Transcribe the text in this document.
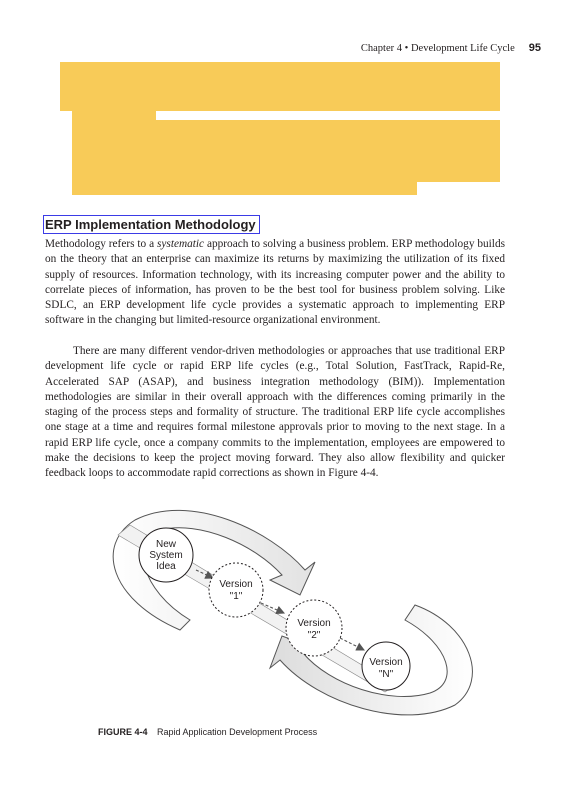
Chapter 4 • Development Life Cycle 95
ERP Implementation Methodology

Methodology refers to a systematic approach to solving a business problem. ERP methodology builds on the theory that an enterprise can maximize its returns by maximizing the utilization of its fixed supply of resources. Information technology, with its increasing computer power and the ability to correlate pieces of information, has proven to be the best tool for business problem solving. Like SDLC, an ERP development life cycle provides a systematic approach to implementing ERP software in the changing but limited-resource organizational environment.

There are many different vendor-driven methodologies or approaches that use traditional ERP development life cycle or rapid ERP life cycles (e.g., Total Solution, FastTrack, Rapid-Re, Accelerated SAP (ASAP), and business integration methodology (BIM)). Implementation methodologies are similar in their overall approach with the differences coming primarily in the staging of the process steps and formality of structure. The traditional ERP life cycle accomplishes one stage at a time and requires formal milestone approvals prior to moving to the next stage. In a rapid ERP life cycle, once a company commits to the implementation, employees are empowered to make the decisions to keep the project moving forward. They also allow flexibility and quicker feedback loops to accommodate rapid corrections as shown in Figure 4-4.

New
System
Idea
Version
"1"
Version
"2"
Version
"N"
FIGURE 4-4 Rapid Application Development Process
